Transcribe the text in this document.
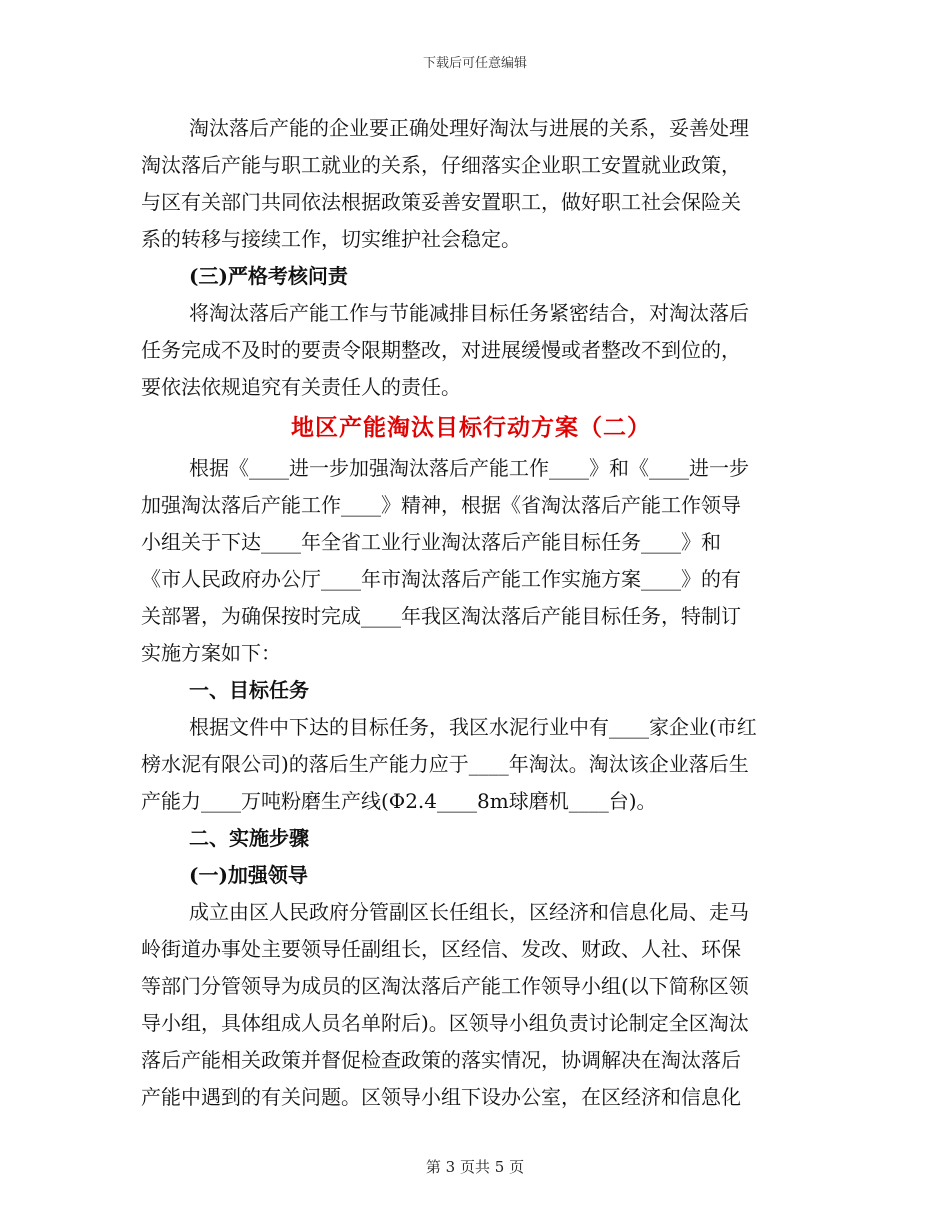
下载后可任意编辑
淘汰落后产能的企业要正确处理好淘汰与进展的关系，妥善处理
淘汰落后产能与职工就业的关系，仔细落实企业职工安置就业政策，
与区有关部门共同依法根据政策妥善安置职工，做好职工社会保险关
系的转移与接续工作，切实维护社会稳定。
(三)严格考核问责
将淘汰落后产能工作与节能减排目标任务紧密结合，对淘汰落后
任务完成不及时的要责令限期整改，对进展缓慢或者整改不到位的，
要依法依规追究有关责任人的责任。
地区产能淘汰目标行动方案（二）
根据《____进一步加强淘汰落后产能工作____》和《____进一步
加强淘汰落后产能工作____》精神，根据《省淘汰落后产能工作领导
小组关于下达____年全省工业行业淘汰落后产能目标任务____》和
《市人民政府办公厅____年市淘汰落后产能工作实施方案____》的有
关部署，为确保按时完成____年我区淘汰落后产能目标任务，特制订
实施方案如下：
一、目标任务
根据文件中下达的目标任务，我区水泥行业中有____家企业(市红
榜水泥有限公司)的落后生产能力应于____年淘汰。淘汰该企业落后生
产能力____万吨粉磨生产线(Φ2.4____8m球磨机____台)。
二、实施步骤
(一)加强领导
成立由区人民政府分管副区长任组长，区经济和信息化局、走马
岭街道办事处主要领导任副组长，区经信、发改、财政、人社、环保
等部门分管领导为成员的区淘汰落后产能工作领导小组(以下简称区领
导小组，具体组成人员名单附后)。区领导小组负责讨论制定全区淘汰
落后产能相关政策并督促检查政策的落实情况，协调解决在淘汰落后
产能中遇到的有关问题。区领导小组下设办公室，在区经济和信息化
第 3 页共 5 页
